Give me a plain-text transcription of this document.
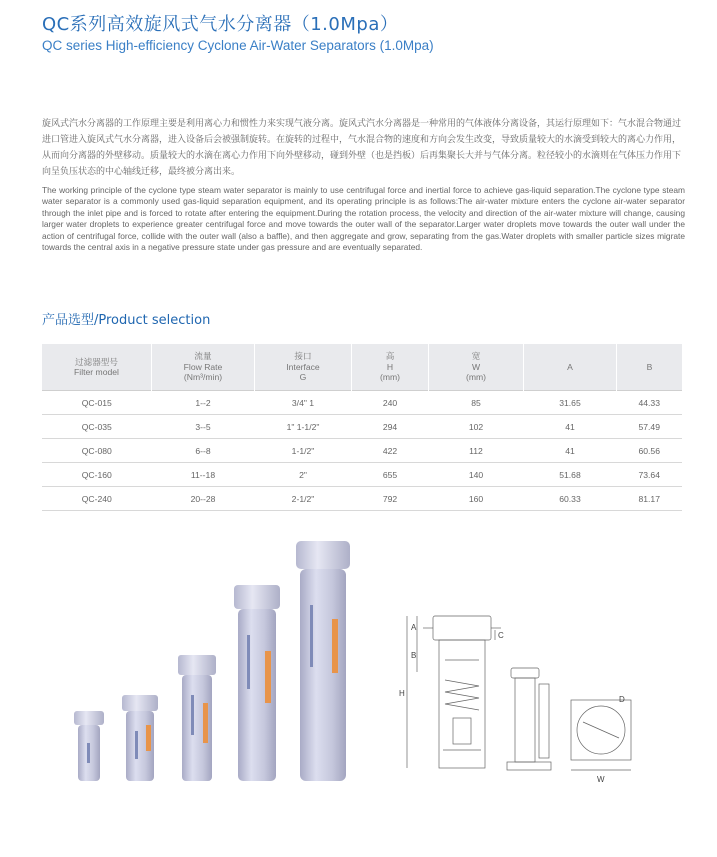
QC系列高效旋风式气水分离器（1.0Mpa）
QC series High-efficiency Cyclone Air-Water Separators (1.0Mpa)
旋风式汽水分离器的工作原理主要是利用离心力和惯性力来实现气液分离。旋风式汽水分离器是一种常用的气体液体分离设备，其运行原理如下：气水混合物通过进口管进入旋风式气水分离器，进入设备后会被强制旋转。在旋转的过程中，气水混合物的速度和方向会发生改变，导致质量较大的水滴受到较大的离心力作用，从而向分离器的外壁移动。质量较大的水滴在离心力作用下向外壁移动，碰到外壁（也是挡板）后再集聚长大并与气体分离。粒径较小的水滴则在气体压力作用下向呈负压状态的中心轴线迁移，最终被分离出来。
The working principle of the cyclone type steam water separator is mainly to use centrifugal force and inertial force to achieve gas-liquid separation.The cyclone type steam water separator is a commonly used gas-liquid separation equipment, and its operating principle is as follows:The air-water mixture enters the cyclone air-water separator through the inlet pipe and is forced to rotate after entering the equipment.During the rotation process, the velocity and direction of the air-water mixture will change, causing larger water droplets to experience greater centrifugal force and move towards the outer wall of the separator.Larger water droplets move towards the outer wall under the action of centrifugal force, collide with the outer wall (also a baffle), and then aggregate and grow, separating from the gas.Water droplets with smaller particle sizes migrate towards the central axis in a negative pressure state under gas pressure and are eventually separated.
产品选型/Product selection
过滤器型号
Filter model	流量
Flow Rate
(Nm³/min)	接口
Interface
G	高
H
(mm)	宽
W
(mm)	A	B

QC-015	1--2	3/4" 1	240	85	31.65	44.33
QC-035	3--5	1" 1-1/2"	294	102	41	57.49
QC-080	6--8	1-1/2"	422	112	41	60.56
QC-160	11--18	2"	655	140	51.68	73.64
QC-240	20--28	2-1/2"	792	160	60.33	81.17
A
B
C
H
D
W
